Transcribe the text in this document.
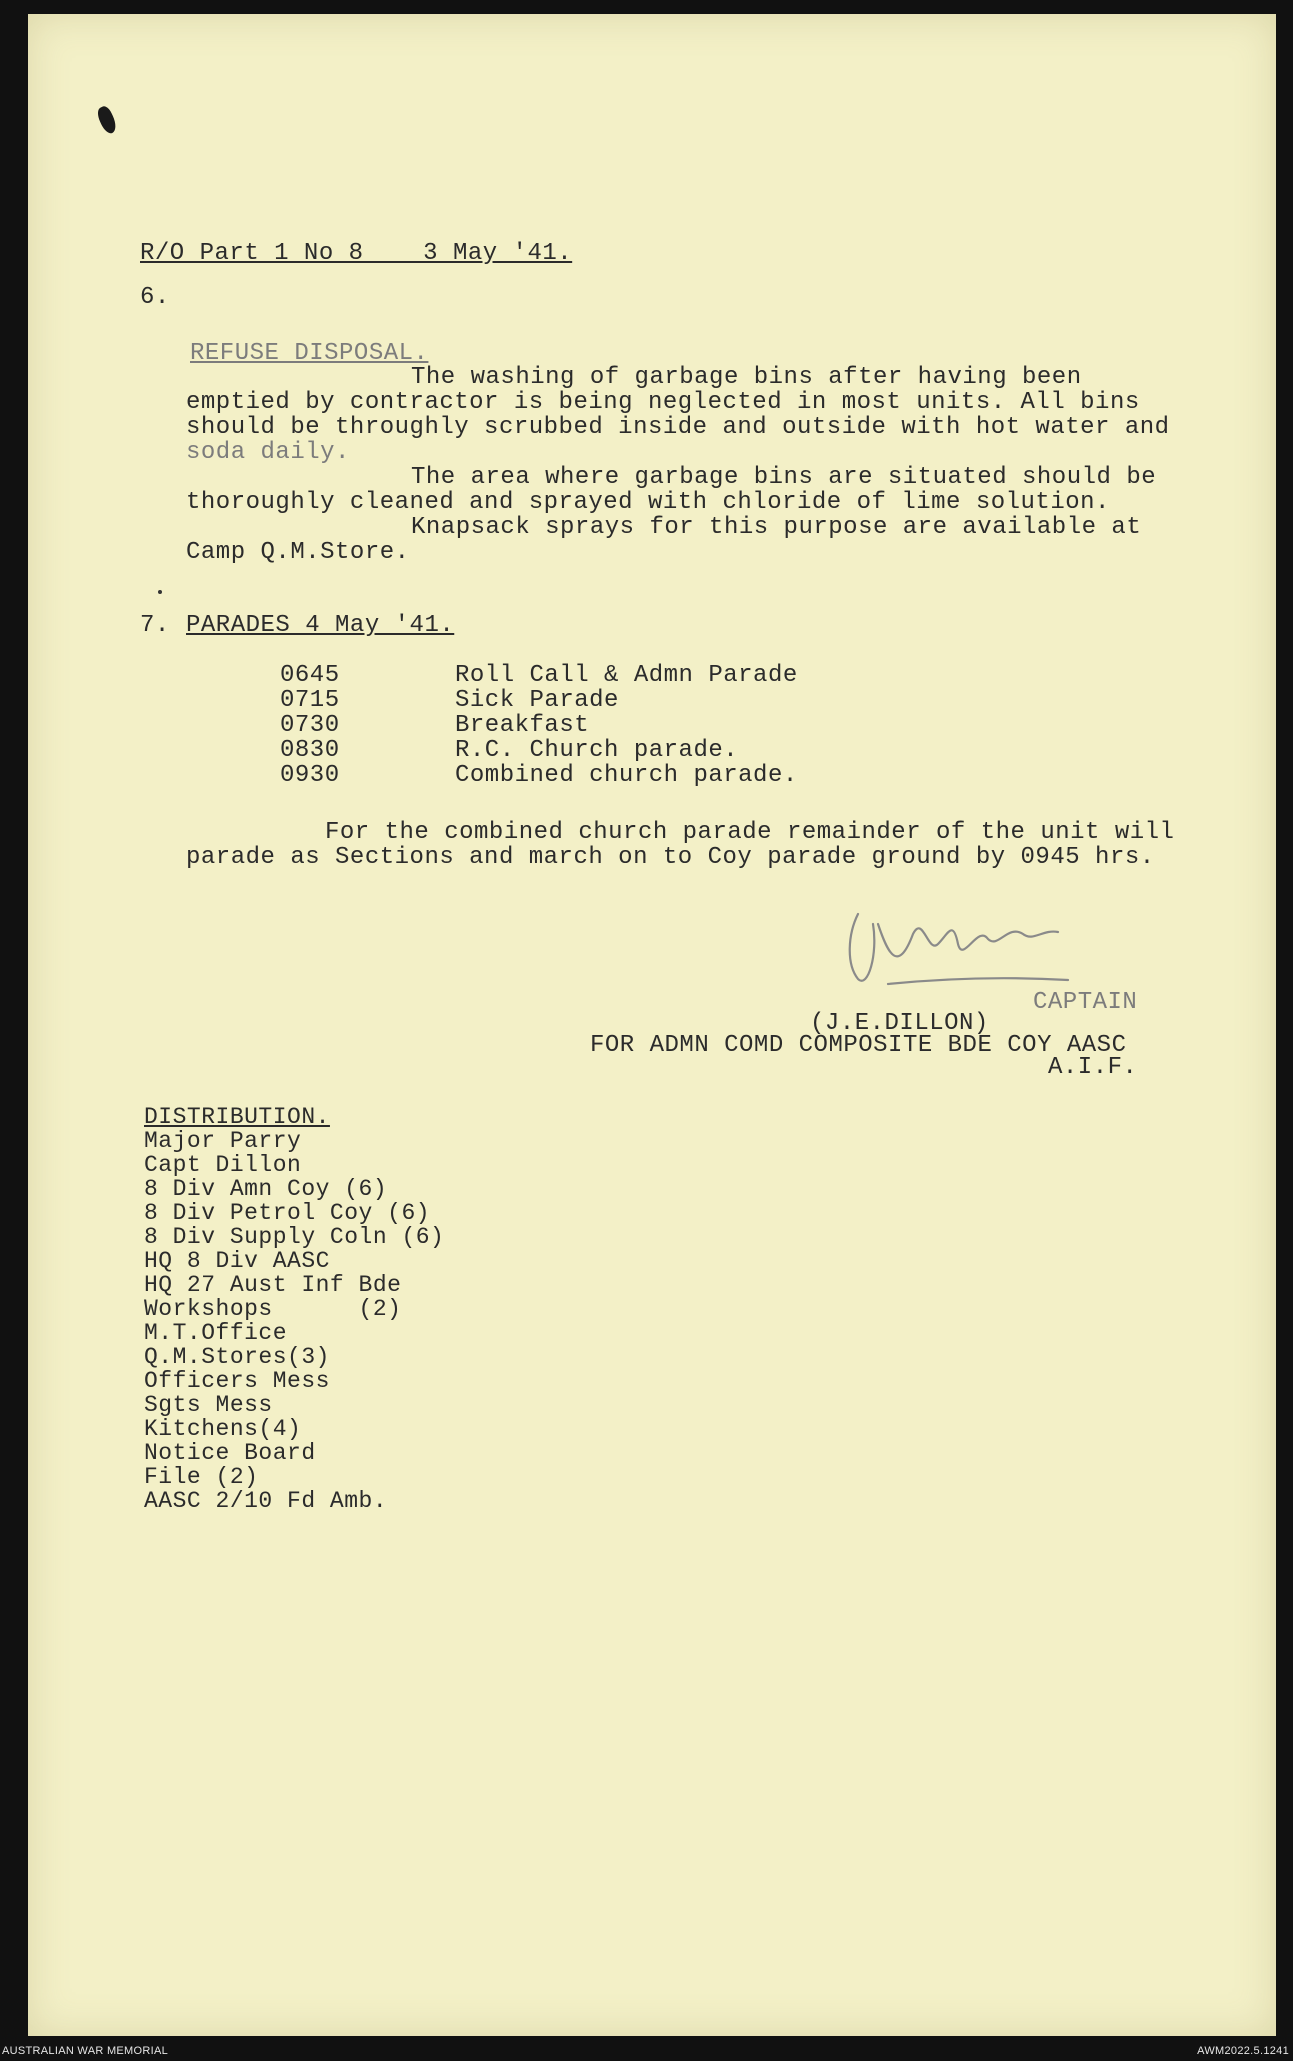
R/O Part 1 No 8    3 May '41.
6.
REFUSE DISPOSAL.
The washing of garbage bins after having been
emptied by contractor is being neglected in most units. All bins
should be throughly scrubbed inside and outside with hot water and
soda daily.
The area where garbage bins are situated should be
thoroughly cleaned and sprayed with chloride of lime solution.
Knapsack sprays for this purpose are available at
Camp Q.M.Store.
7. PARADES 4 May '41.
0645	Roll Call & Admn Parade
0715	Sick Parade
0730	Breakfast
0830	R.C. Church parade.
0930	Combined church parade.
For the combined church parade remainder of the unit will
parade as Sections and march on to Coy parade ground by 0945 hrs.
CAPTAIN
(J.E.DILLON)
FOR ADMN COMD COMPOSITE BDE COY AASC
A.I.F.
DISTRIBUTION.
Major Parry
Capt Dillon
8 Div Amn Coy (6)
8 Div Petrol Coy (6)
8 Div Supply Coln (6)
HQ 8 Div AASC
HQ 27 Aust Inf Bde
Workshops      (2)
M.T.Office
Q.M.Stores(3)
Officers Mess
Sgts Mess
Kitchens(4)
Notice Board
File (2)
AASC 2/10 Fd Amb.
AUSTRALIAN WAR MEMORIAL	AWM2022.5.1241
